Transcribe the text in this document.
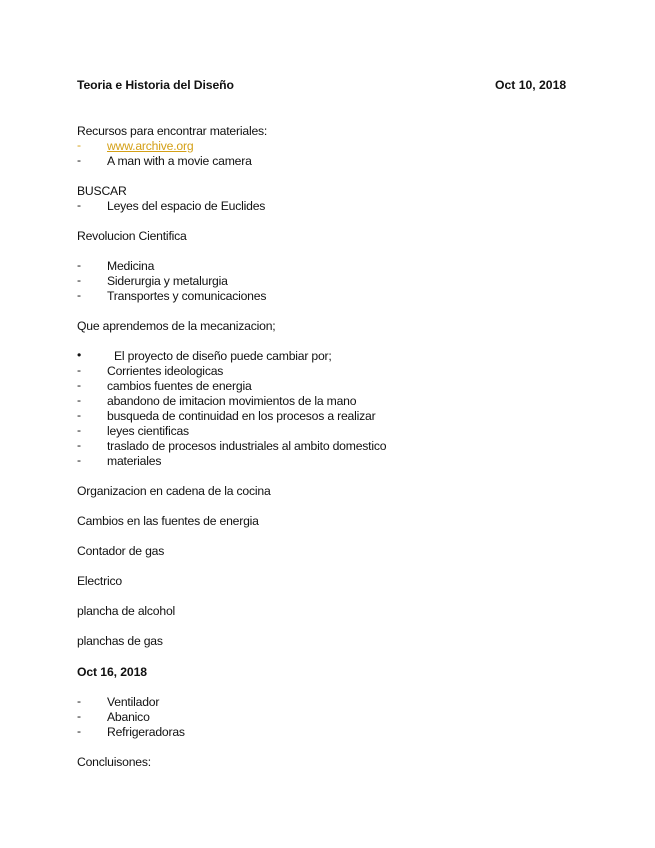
Teoria e Historia del Diseño	Oct 10, 2018
Recursos para encontrar materiales:
-	www.archive.org
-	A man with a movie camera
BUSCAR
-	Leyes del espacio de Euclides
Revolucion Cientifica
-	Medicina
-	Siderurgia y metalurgia
-	Transportes y comunicaciones
Que aprendemos de la mecanizacion;
•	El proyecto de diseño puede cambiar por;
-	Corrientes ideologicas
-	cambios fuentes de energia
-	abandono de imitacion movimientos de la mano
-	busqueda de continuidad en los procesos a realizar
-	leyes cientificas
-	traslado de procesos industriales al ambito domestico
-	materiales
Organizacion en cadena de la cocina
Cambios en las fuentes de energia
Contador de gas
Electrico
plancha de alcohol
planchas de gas
Oct 16, 2018
-	Ventilador
-	Abanico
-	Refrigeradoras
Concluisones:
